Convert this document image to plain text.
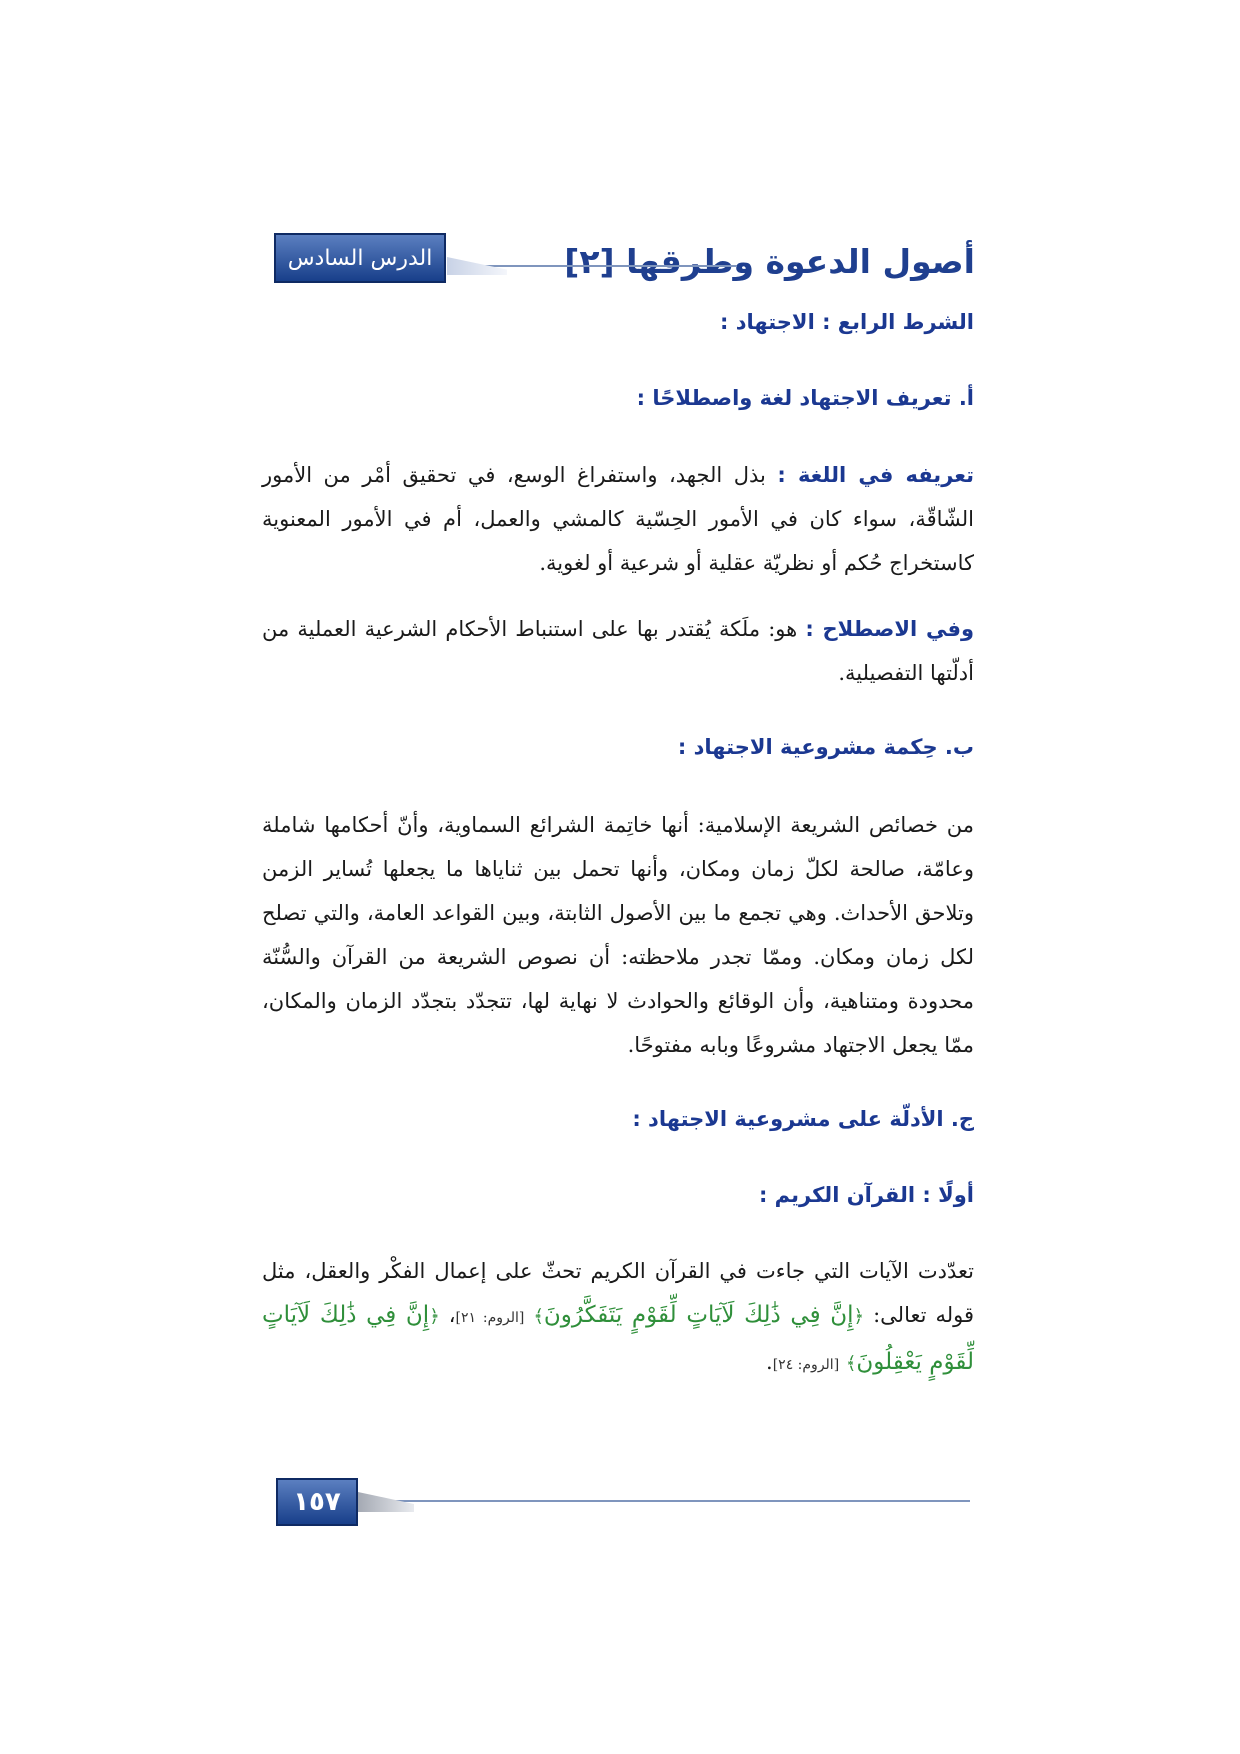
أصول الدعوة وطرقها [٢]
الدرس السادس

الشرط الرابع : الاجتهاد :

أ. تعريف الاجتهاد لغة واصطلاحًا :

تعريفه في اللغة : بذل الجهد، واستفراغ الوسع، في تحقيق أمْر من الأمور الشّاقّة، سواء كان في الأمور الحِسّية كالمشي والعمل، أم في الأمور المعنوية كاستخراج حُكم أو نظريّة عقلية أو شرعية أو لغوية.

وفي الاصطلاح : هو: ملَكة يُقتدر بها على استنباط الأحكام الشرعية العملية من أدلّتها التفصيلية.

ب. حِكمة مشروعية الاجتهاد :

من خصائص الشريعة الإسلامية: أنها خاتِمة الشرائع السماوية، وأنّ أحكامها شاملة وعامّة، صالحة لكلّ زمان ومكان، وأنها تحمل بين ثناياها ما يجعلها تُساير الزمن وتلاحق الأحداث. وهي تجمع ما بين الأصول الثابتة، وبين القواعد العامة، والتي تصلح لكل زمان ومكان. وممّا تجدر ملاحظته: أن نصوص الشريعة من القرآن والسُّنّة محدودة ومتناهية، وأن الوقائع والحوادث لا نهاية لها، تتجدّد بتجدّد الزمان والمكان، ممّا يجعل الاجتهاد مشروعًا وبابه مفتوحًا.

ج. الأدلّة على مشروعية الاجتهاد :

أولًا : القرآن الكريم :

تعدّدت الآيات التي جاءت في القرآن الكريم تحثّ على إعمال الفكْر والعقل، مثل قوله تعالى: ﴿إِنَّ فِي ذَٰلِكَ لَآيَاتٍ لِّقَوْمٍ يَتَفَكَّرُونَ﴾ [الروم: ٢١]، ﴿إِنَّ فِي ذَٰلِكَ لَآيَاتٍ لِّقَوْمٍ يَعْقِلُونَ﴾ [الروم: ٢٤].

١٥٧
